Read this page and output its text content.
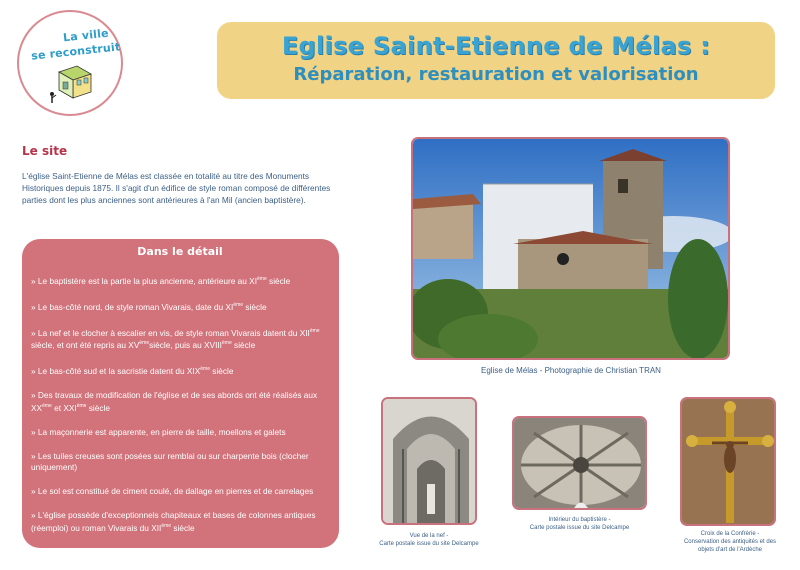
La ville
se reconstruit	Eglise Saint-Etienne de Mélas :
Réparation, restauration et valorisation
Le site
L'église Saint-Etienne de Mélas est classée en totalité au titre des Monuments Historiques depuis 1875. Il s'agit d'un édifice de style roman composé de différentes parties dont les plus anciennes sont antérieures à l'an Mil (ancien baptistère).
Dans le détail
» Le baptistère est la partie la plus ancienne, antérieure au XIème siècle
» Le bas-côté nord, de style roman Vivarais, date du XIème siècle
» La nef et le clocher à escalier en vis, de style roman Vivarais datent du XIIème siècle, et ont été repris au XVèmesiècle, puis au XVIIIème siècle
» Le bas-côté sud et la sacristie datent du XIXème siècle
» Des travaux de modification de l'église et de ses abords ont été réalisés aux XXème et XXIème siècle
» La maçonnerie est apparente, en pierre de taille, moellons et galets
» Les tuiles creuses sont posées sur remblai ou sur charpente bois (clocher uniquement)
» Le sol est constitué de ciment coulé, de dallage en pierres et de carrelages
» L'église possède d'exceptionnels chapiteaux et bases de colonnes antiques (réemploi) ou roman Vivarais du XIIème siècle
» La Croix de confrérie date du XIXème siècle et est inscrite au titre des Monuments Historiques
Eglise de Mélas - Photographie de Christian TRAN
Vue de la nef -
Carte postale issue du site Delcampe
Intérieur du baptistère -
Carte postale issue du site Delcampe
Croix de la Confrérie -
Conservation des antiquités et des objets d'art de l'Ardèche
